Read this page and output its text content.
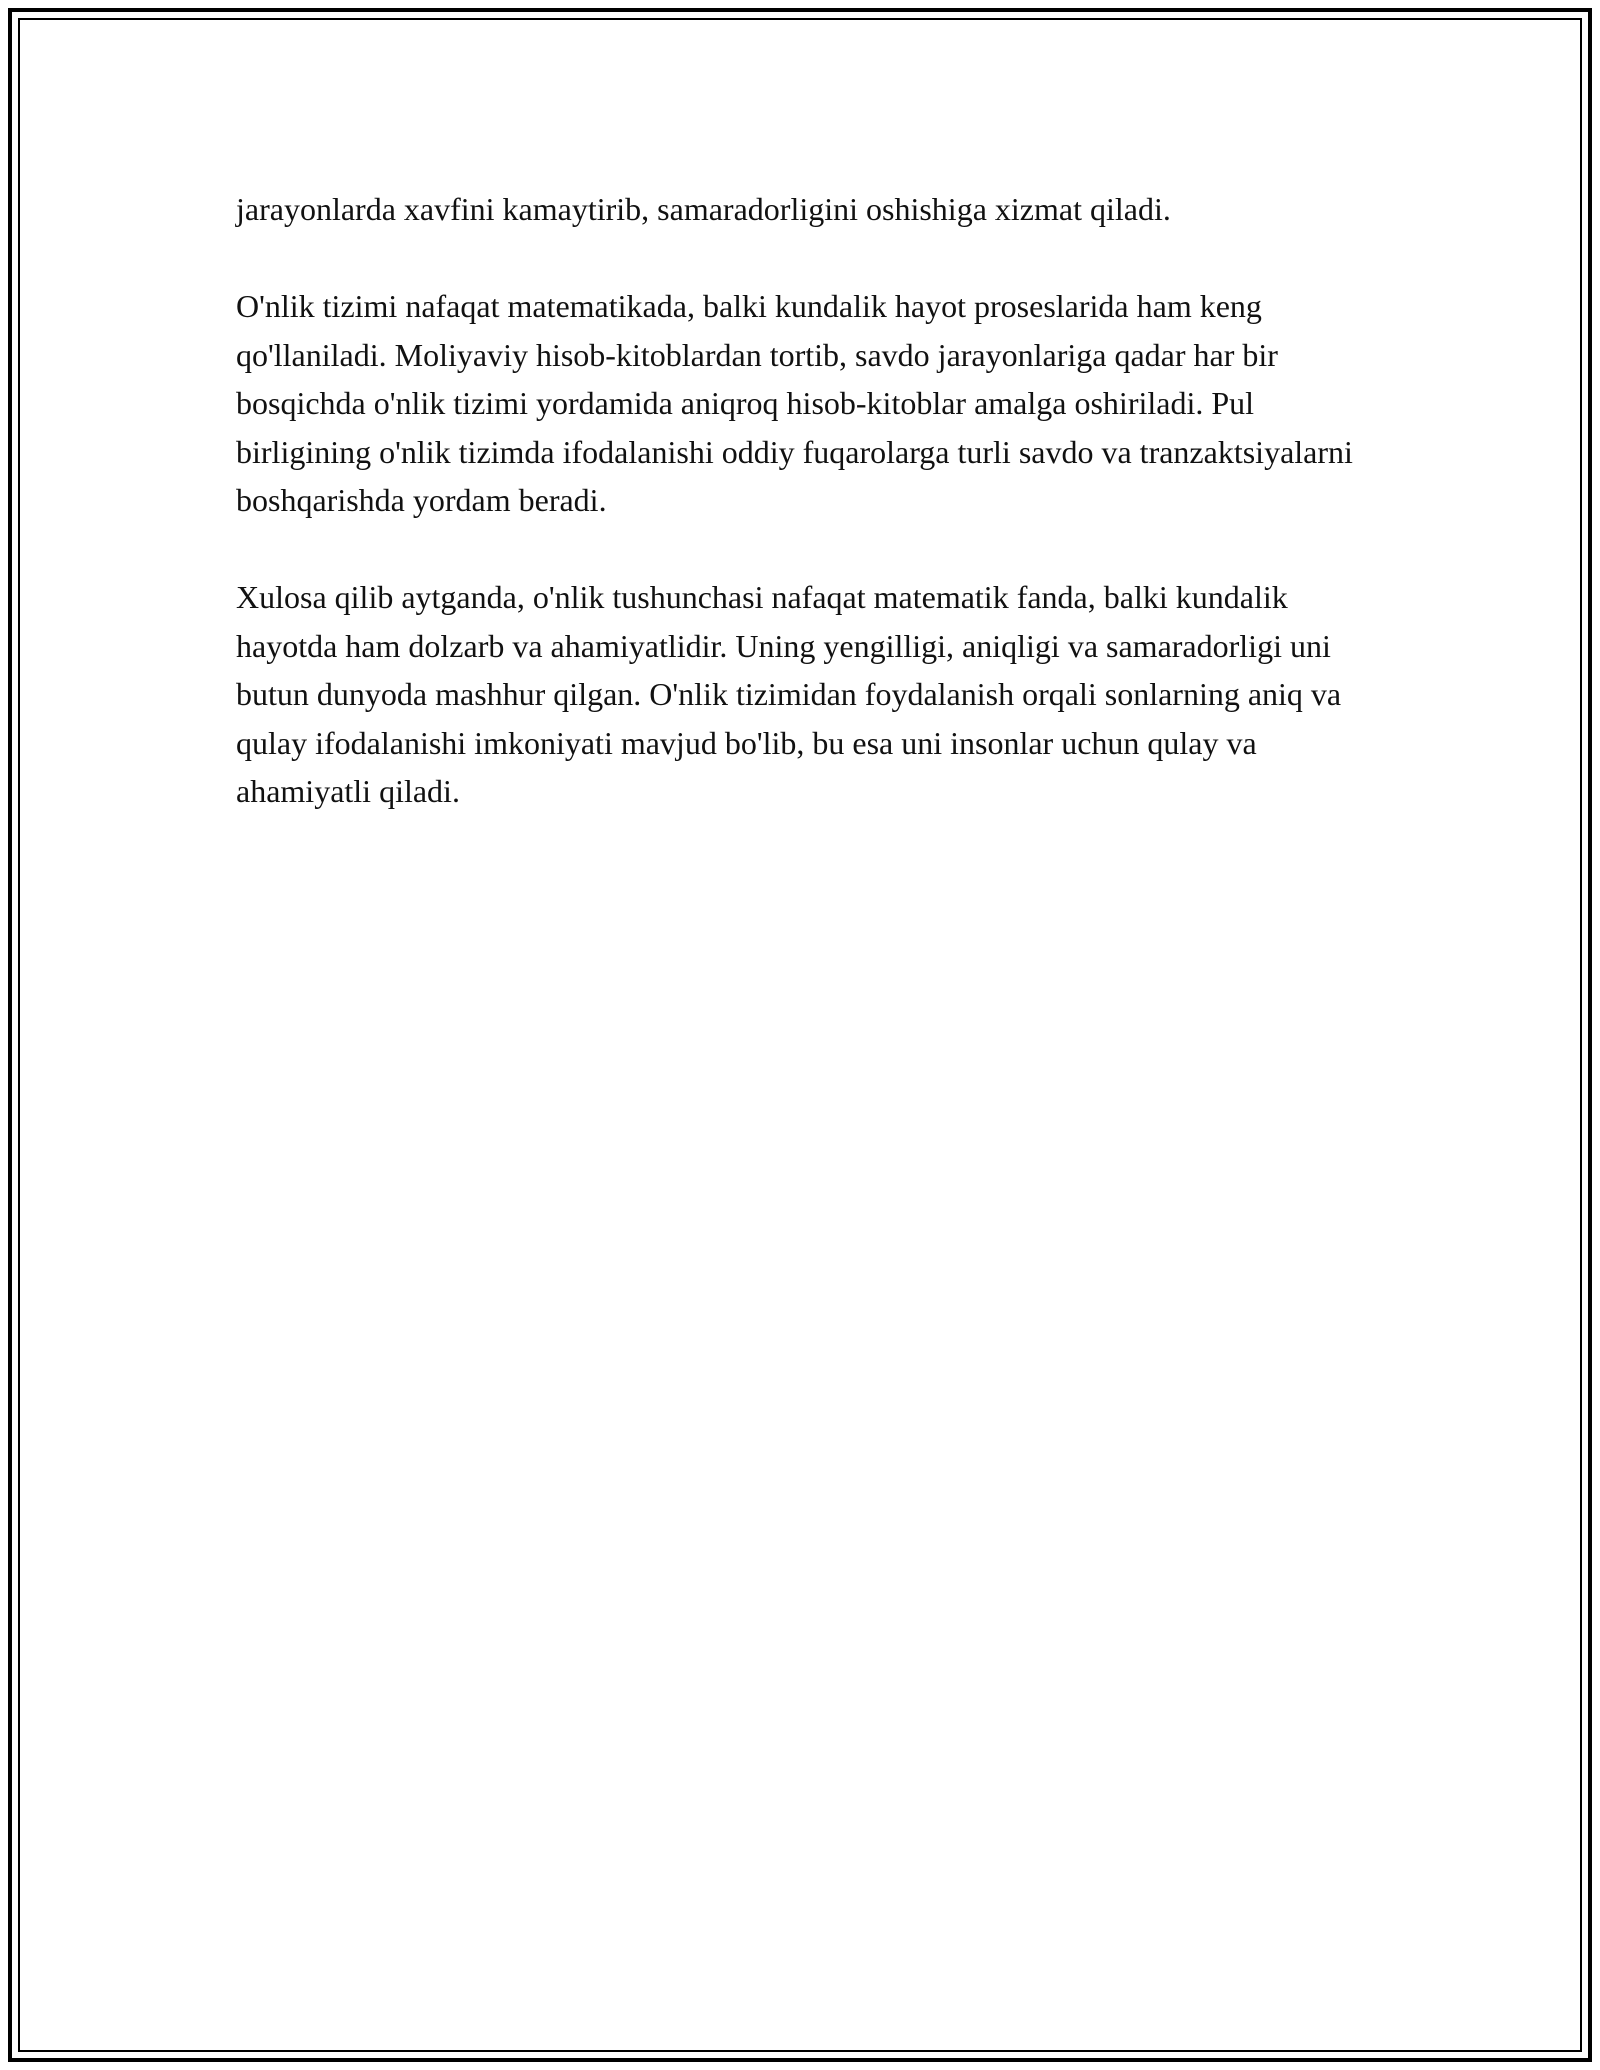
jarayonlarda xavfini kamaytirib, samaradorligini oshishiga xizmat qiladi.

O'nlik tizimi nafaqat matematikada, balki kundalik hayot proseslarida ham keng qo'llaniladi. Moliyaviy hisob-kitoblardan tortib, savdo jarayonlariga qadar har bir bosqichda o'nlik tizimi yordamida aniqroq hisob-kitoblar amalga oshiriladi. Pul birligining o'nlik tizimda ifodalanishi oddiy fuqarolarga turli savdo va tranzaktsiyalarni boshqarishda yordam beradi.

Xulosa qilib aytganda, o'nlik tushunchasi nafaqat matematik fanda, balki kundalik hayotda ham dolzarb va ahamiyatlidir. Uning yengilligi, aniqligi va samaradorligi uni butun dunyoda mashhur qilgan. O'nlik tizimidan foydalanish orqali sonlarning aniq va qulay ifodalanishi imkoniyati mavjud bo'lib, bu esa uni insonlar uchun qulay va ahamiyatli qiladi.
